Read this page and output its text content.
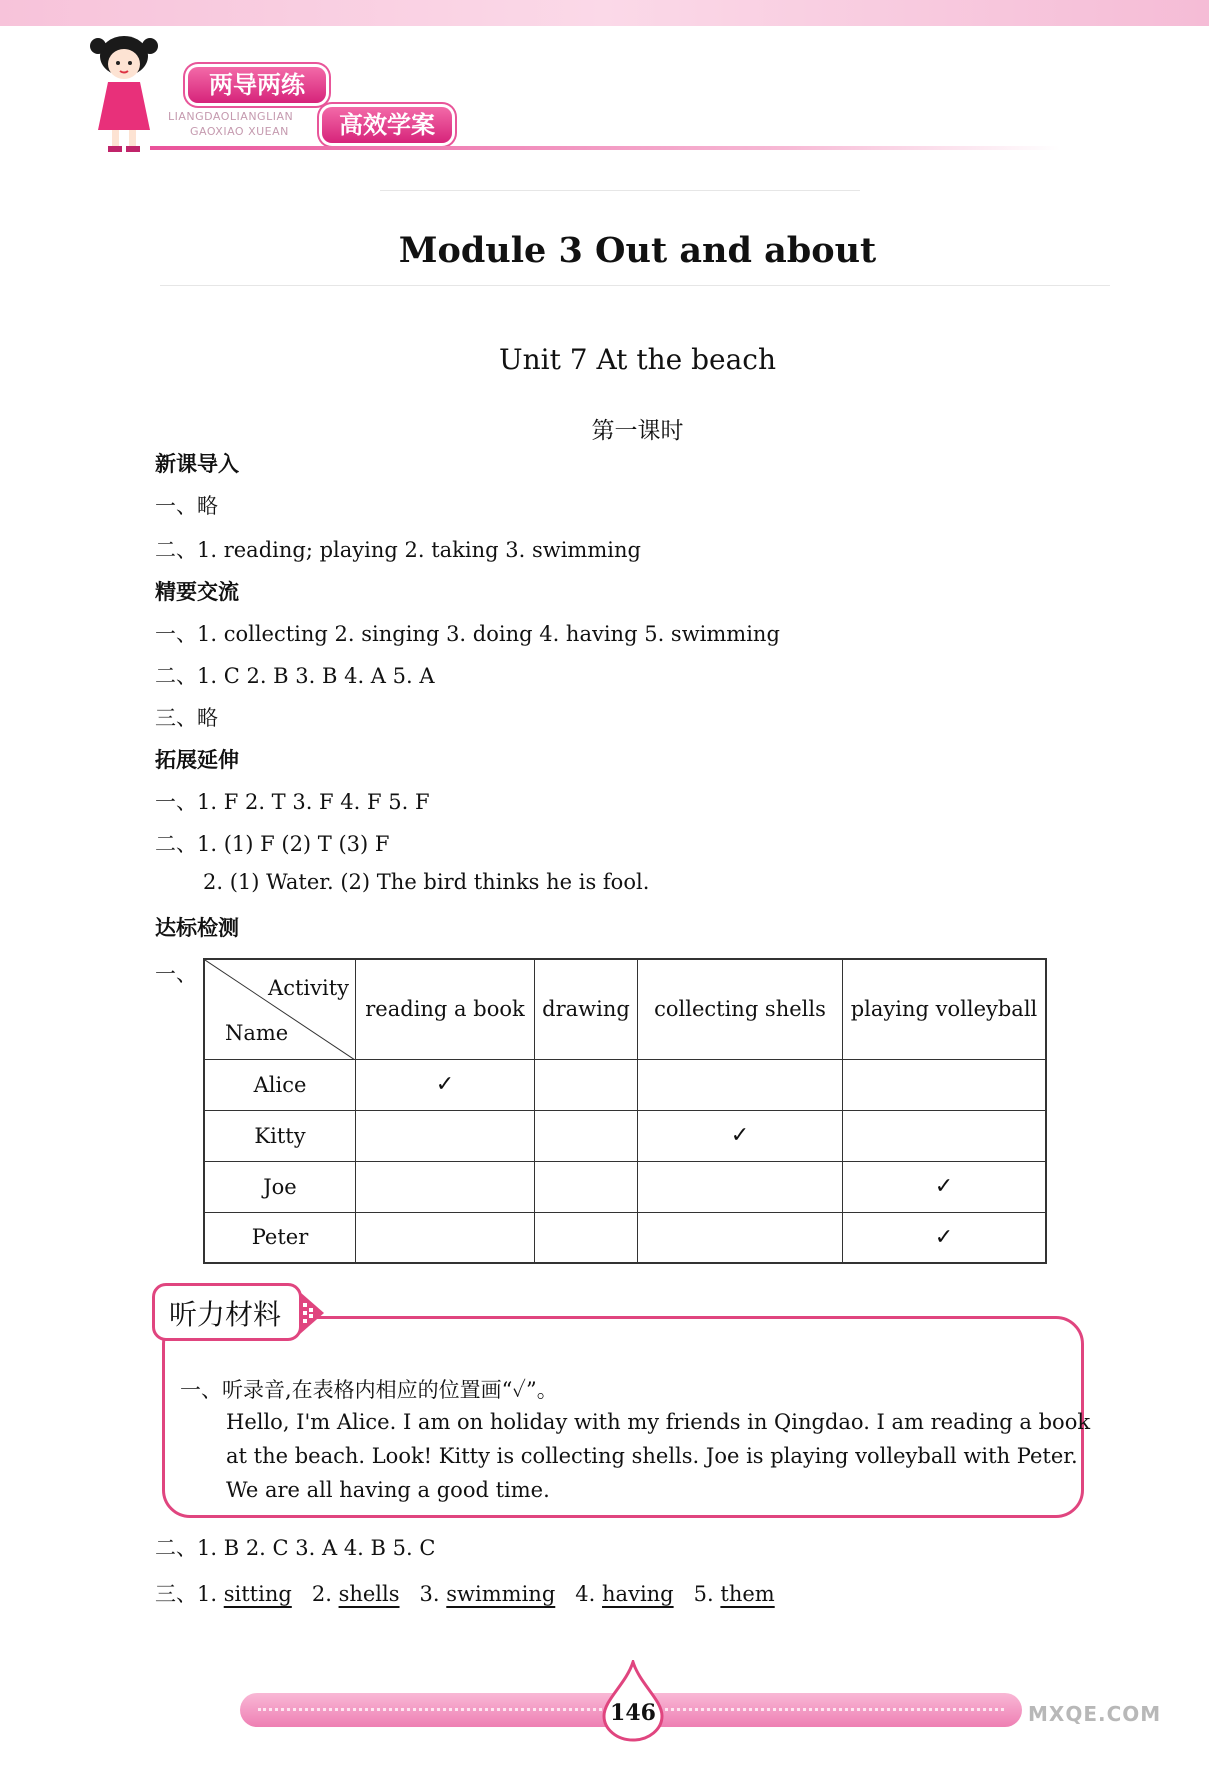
两导两练
LIANGDAOLIANGLIAN
GAOXIAO XUEAN	高效学案
Module 3 Out and about
Unit 7 At the beach
第一课时
新课导入
一、略
二、1. reading; playing 2. taking 3. swimming
精要交流
一、1. collecting 2. singing 3. doing 4. having 5. swimming
二、1. C 2. B 3. B 4. A 5. A
三、略
拓展延伸
一、1. F 2. T 3. F 4. F 5. F
二、1. (1) F (2) T (3) F
2. (1) Water. (2) The bird thinks he is fool.
达标检测
一、
Activity
Name	reading a book	drawing	collecting shells	playing volleyball
Alice	✓			
Kitty			✓	
Joe				✓
Peter				✓
听力材料
一、听录音,在表格内相应的位置画“✓”。
Hello, I'm Alice. I am on holiday with my friends in Qingdao. I am reading a book
at the beach. Look! Kitty is collecting shells. Joe is playing volleyball with Peter.
We are all having a good time.
二、1. B 2. C 3. A 4. B 5. C
三、1. sitting 2. shells 3. swimming 4. having 5. them
146	MXQE.COM
